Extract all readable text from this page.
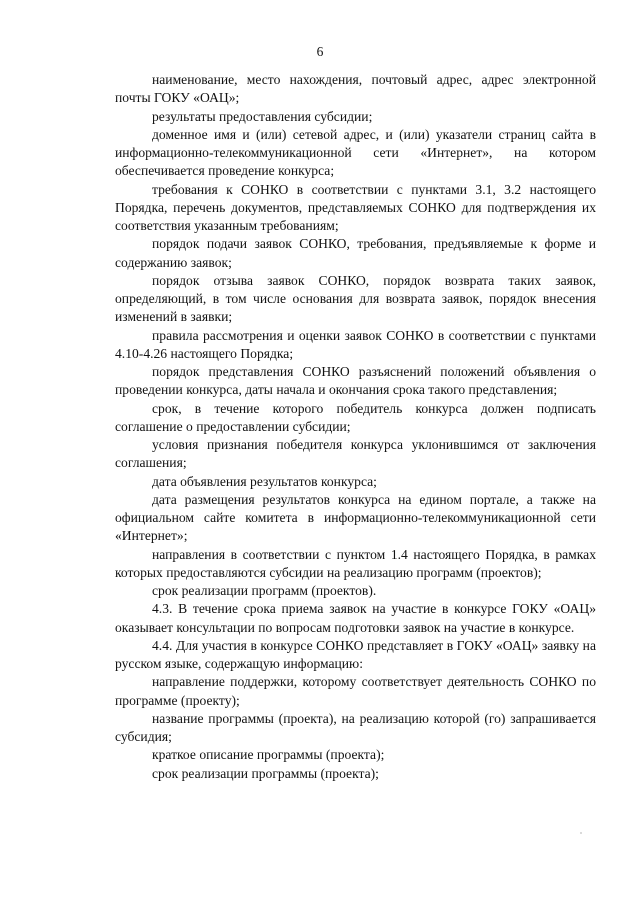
6

наименование, место нахождения, почтовый адрес, адрес электронной почты ГОКУ «ОАЦ»;

результаты предоставления субсидии;

доменное имя и (или) сетевой адрес, и (или) указатели страниц сайта в информационно-телекоммуникационной сети «Интернет», на котором обеспечивается проведение конкурса;

требования к СОНКО в соответствии с пунктами 3.1, 3.2 настоящего Порядка, перечень документов, представляемых СОНКО для подтверждения их соответствия указанным требованиям;

порядок подачи заявок СОНКО, требования, предъявляемые к форме и содержанию заявок;

порядок отзыва заявок СОНКО, порядок возврата таких заявок, определяющий, в том числе основания для возврата заявок, порядок внесения изменений в заявки;

правила рассмотрения и оценки заявок СОНКО в соответствии с пунктами 4.10-4.26 настоящего Порядка;

порядок представления СОНКО разъяснений положений объявления о проведении конкурса, даты начала и окончания срока такого представления;

срок, в течение которого победитель конкурса должен подписать соглашение о предоставлении субсидии;

условия признания победителя конкурса уклонившимся от заключения соглашения;

дата объявления результатов конкурса;

дата размещения результатов конкурса на едином портале, а также на официальном сайте комитета в информационно-телекоммуникационной сети «Интернет»;

направления в соответствии с пунктом 1.4 настоящего Порядка, в рамках которых предоставляются субсидии на реализацию программ (проектов);

срок реализации программ (проектов).

4.3. В течение срока приема заявок на участие в конкурсе ГОКУ «ОАЦ» оказывает консультации по вопросам подготовки заявок на участие в конкурсе.

4.4. Для участия в конкурсе СОНКО представляет в ГОКУ «ОАЦ» заявку на русском языке, содержащую информацию:

направление поддержки, которому соответствует деятельность СОНКО по программе (проекту);

название программы (проекта), на реализацию которой (го) запрашивается субсидия;

краткое описание программы (проекта);

срок реализации программы (проекта);
